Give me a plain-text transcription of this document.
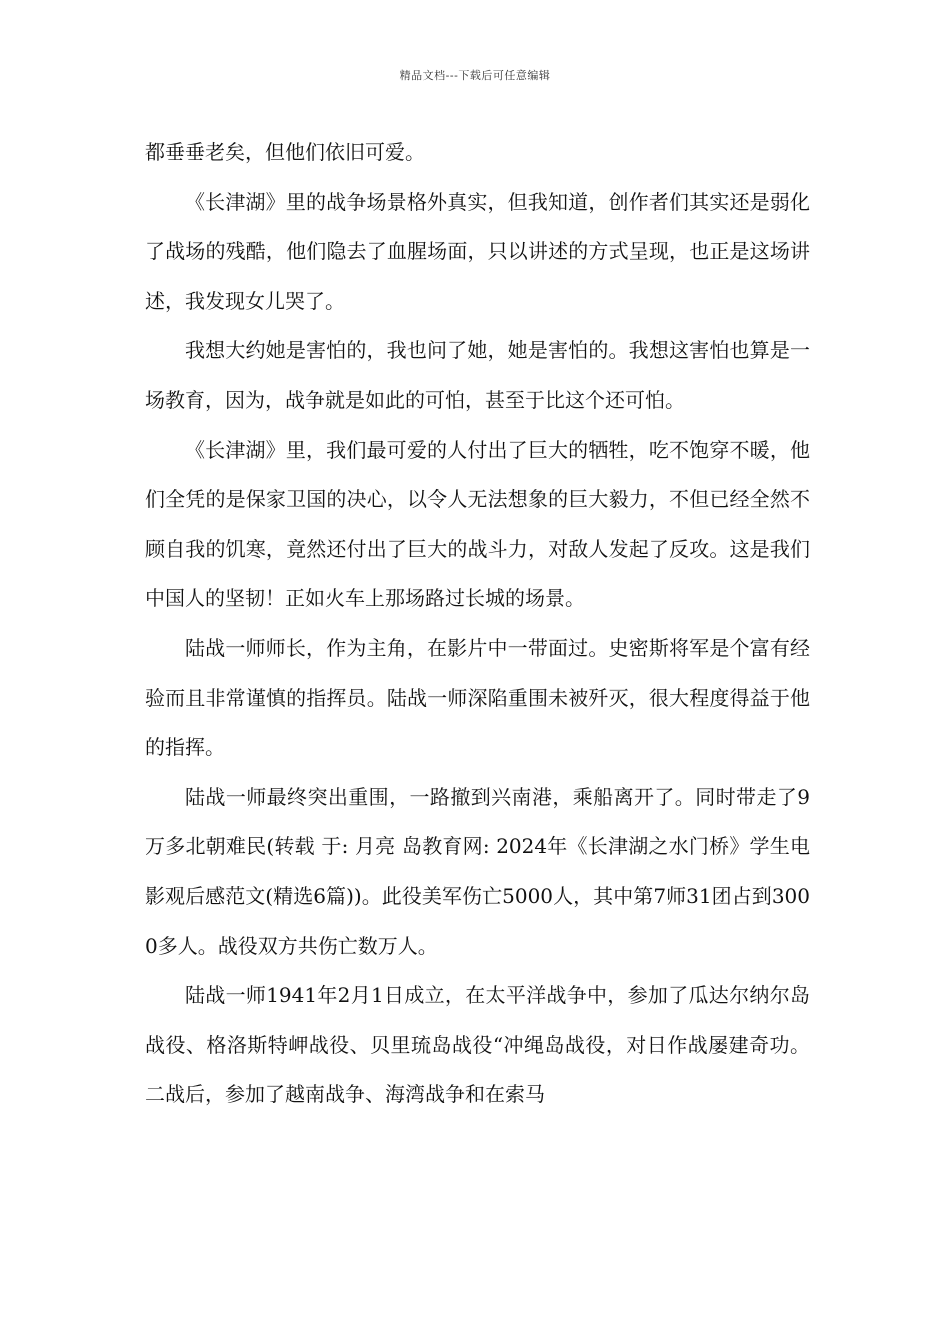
精品文档---下载后可任意编辑

都垂垂老矣，但他们依旧可爱。

《长津湖》里的战争场景格外真实，但我知道，创作者们其实还是弱化了战场的残酷，他们隐去了血腥场面，只以讲述的方式呈现，也正是这场讲述，我发现女儿哭了。

我想大约她是害怕的，我也问了她，她是害怕的。我想这害怕也算是一场教育，因为，战争就是如此的可怕，甚至于比这个还可怕。

《长津湖》里，我们最可爱的人付出了巨大的牺牲，吃不饱穿不暖，他们全凭的是保家卫国的决心，以令人无法想象的巨大毅力，不但已经全然不顾自我的饥寒，竟然还付出了巨大的战斗力，对敌人发起了反攻。这是我们中国人的坚韧！正如火车上那场路过长城的场景。

陆战一师师长，作为主角，在影片中一带面过。史密斯将军是个富有经验而且非常谨慎的指挥员。陆战一师深陷重围未被歼灭，很大程度得益于他的指挥。

陆战一师最终突出重围，一路撤到兴南港，乘船离开了。同时带走了9万多北朝难民(转载 于: 月亮 岛教育网: 2024年《长津湖之水门桥》学生电影观后感范文(精选6篇))。此役美军伤亡5000人，其中第7师31团占到3000多人。战役双方共伤亡数万人。

陆战一师1941年2月1日成立，在太平洋战争中，参加了瓜达尔纳尔岛战役、格洛斯特岬战役、贝里琉岛战役“冲绳岛战役，对日作战屡建奇功。二战后，参加了越南战争、海湾战争和在索马
